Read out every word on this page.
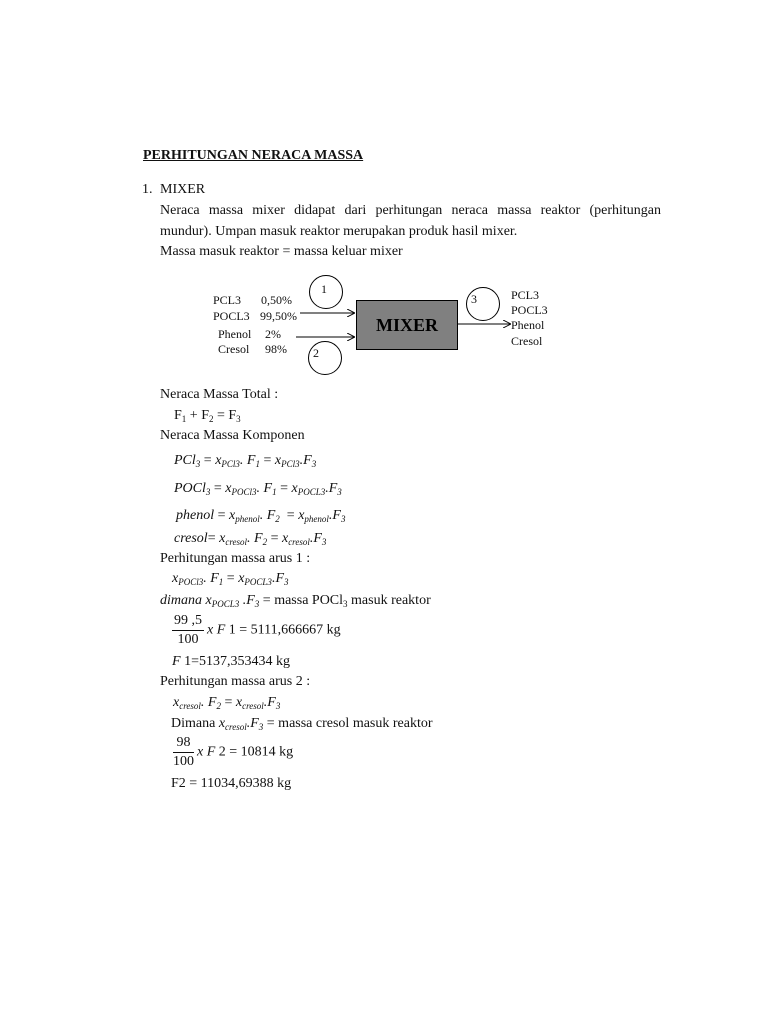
PERHITUNGAN NERACA MASSA
1. MIXER
Neraca massa mixer didapat dari perhitungan neraca massa reaktor (perhitungan
mundur). Umpan masuk reaktor merupakan produk hasil mixer.
Massa masuk reaktor = massa keluar mixer
1
2
3
MIXER
PCL3 0,50%
POCL3 99,50%
Phenol 2%
Cresol 98%
PCL3
POCL3
Phenol
Cresol
Neraca Massa Total :
$F_1 + F_2 = F_3$
Neraca Massa Komponen
$PCl_3 = x_{PCl3}$. $F_1 = x_{PCl3}.F_3$
POCl$_3$ = $x_{POCl3}$. $F_1 = x_{POCL3}.F_3$
phenol = $x_{phenol}$. $F_2 = x_{phenol}.F_3$
cresol= $x_{cresol}$. $F_2 = x_{cresol}.F_3$
Perhitungan massa arus 1 :
$x_{POCl3}$. $F_1 = x_{POCL3}.F_3$
dimana $x_{POCL3}$ $.F_3$ = massa POCl$_3$ masuk reaktor
$\frac{99 ,5}{100}$ x F 1 = 5111,666667 kg
F 1=5137,353434 kg
Perhitungan massa arus 2 :
$x_{cresol}$. $F_2 = x_{cresol}.F_3$
Dimana $x_{cresol}.F_3$ = massa cresol masuk reaktor
$\frac{98}{100}$ x F 2 = 10814 kg
F2 = 11034,69388 kg
